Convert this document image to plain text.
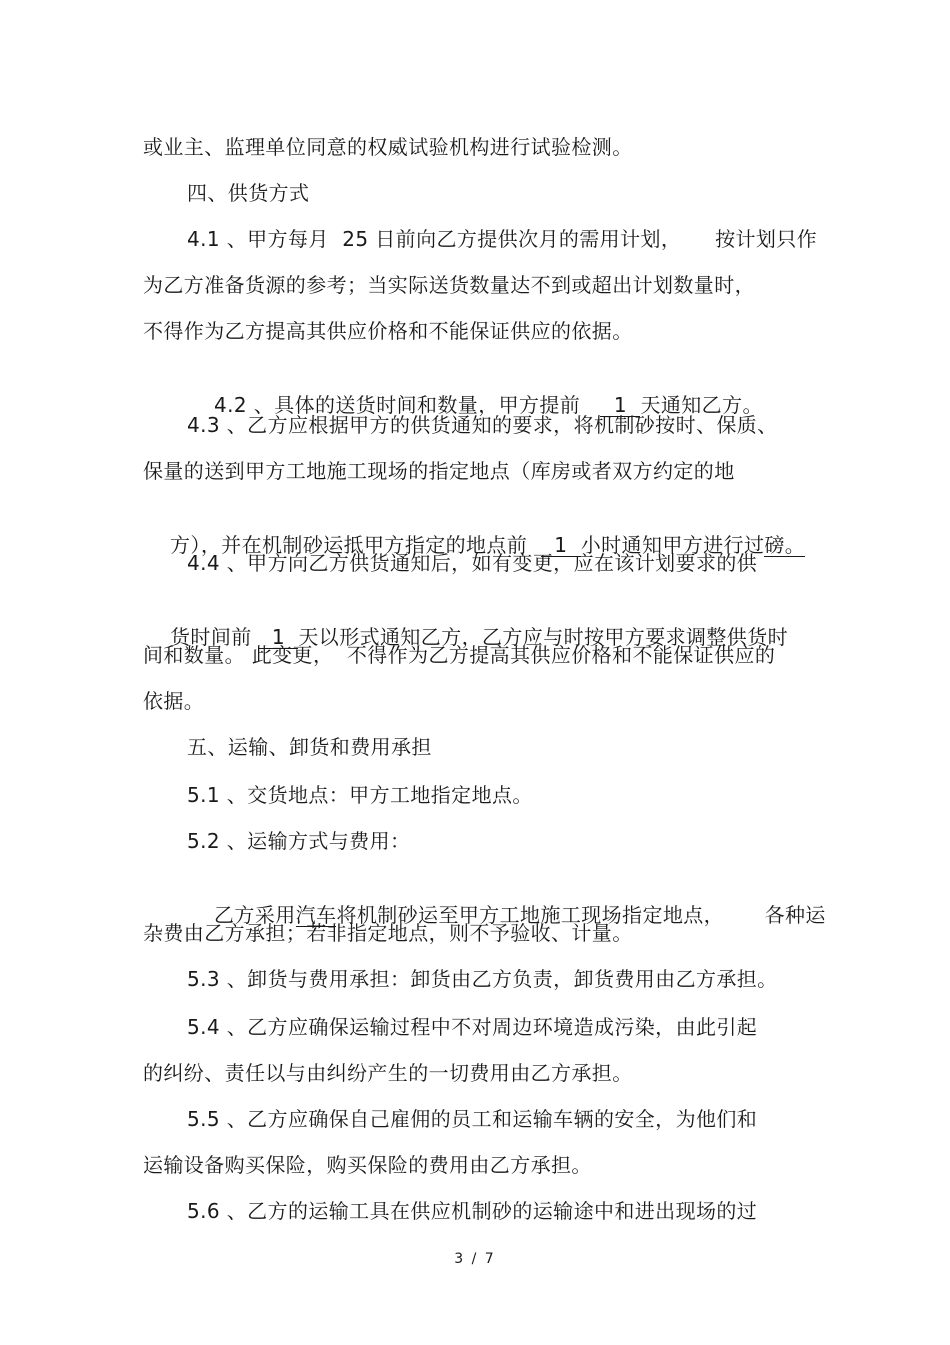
或业主、监理单位同意的权威试验机构进行试验检测。
四、供货方式
4.1 、甲方每月  25 日前向乙方提供次月的需用计划，     按计划只作
为乙方准备货源的参考；当实际送货数量达不到或超出计划数量时，
不得作为乙方提高其供应价格和不能保证供应的依据。

4.2 、具体的送货时间和数量，甲方提前 1 天通知乙方。

4.3 、乙方应根据甲方的供货通知的要求，将机制砂按时、保质、
保量的送到甲方工地施工现场的指定地点（库房或者双方约定的地

方），并在机制砂运抵甲方指定的地点前 1 小时通知甲方进行过磅。

4.4 、甲方向乙方供货通知后，如有变更，应在该计划要求的供

货时间前 1 天以形式通知乙方，乙方应与时按甲方要求调整供货时

间和数量。 此变更，  不得作为乙方提高其供应价格和不能保证供应的
依据。
五、运输、卸货和费用承担
5.1 、交货地点：甲方工地指定地点。
5.2 、运输方式与费用：

乙方采用汽车将机制砂运至甲方工地施工现场指定地点，      各种运

杂费由乙方承担；若非指定地点，则不予验收、计量。
5.3 、卸货与费用承担：卸货由乙方负责，卸货费用由乙方承担。
5.4 、乙方应确保运输过程中不对周边环境造成污染，由此引起
的纠纷、责任以与由纠纷产生的一切费用由乙方承担。
5.5 、乙方应确保自己雇佣的员工和运输车辆的安全，为他们和
运输设备购买保险，购买保险的费用由乙方承担。
5.6 、乙方的运输工具在供应机制砂的运输途中和进出现场的过
3 / 7
